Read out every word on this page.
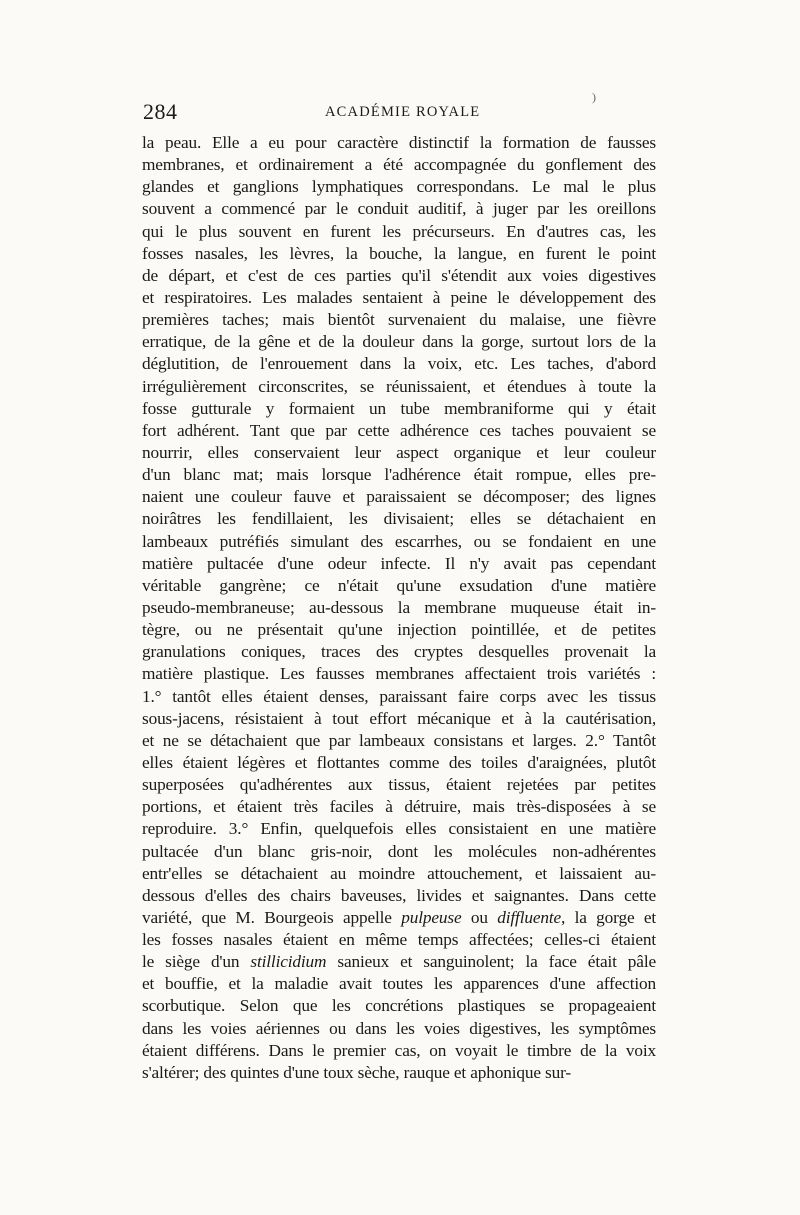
284	ACADÉMIE ROYALE
)
la peau. Elle a eu pour caractère distinctif la formation de fausses
membranes, et ordinairement a été accompagnée du gonflement des
glandes et ganglions lymphatiques correspondans. Le mal le plus
souvent a commencé par le conduit auditif, à juger par les oreillons
qui le plus souvent en furent les précurseurs. En d'autres cas, les
fosses nasales, les lèvres, la bouche, la langue, en furent le point
de départ, et c'est de ces parties qu'il s'étendit aux voies digestives
et respiratoires. Les malades sentaient à peine le développement des
premières taches; mais bientôt survenaient du malaise, une fièvre
erratique, de la gêne et de la douleur dans la gorge, surtout lors de la
déglutition, de l'enrouement dans la voix, etc. Les taches, d'abord
irrégulièrement circonscrites, se réunissaient, et étendues à toute la
fosse gutturale y formaient un tube membraniforme qui y était
fort adhérent. Tant que par cette adhérence ces taches pouvaient se
nourrir, elles conservaient leur aspect organique et leur couleur
d'un blanc mat; mais lorsque l'adhérence était rompue, elles pre-
naient une couleur fauve et paraissaient se décomposer; des lignes
noirâtres les fendillaient, les divisaient; elles se détachaient en
lambeaux putréfiés simulant des escarrhes, ou se fondaient en une
matière pultacée d'une odeur infecte. Il n'y avait pas cependant
véritable gangrène; ce n'était qu'une exsudation d'une matière
pseudo-membraneuse; au-dessous la membrane muqueuse était in-
tègre, ou ne présentait qu'une injection pointillée, et de petites
granulations coniques, traces des cryptes desquelles provenait la
matière plastique. Les fausses membranes affectaient trois variétés :
1.° tantôt elles étaient denses, paraissant faire corps avec les tissus
sous-jacens, résistaient à tout effort mécanique et à la cautérisation,
et ne se détachaient que par lambeaux consistans et larges. 2.° Tantôt
elles étaient légères et flottantes comme des toiles d'araignées, plutôt
superposées qu'adhérentes aux tissus, étaient rejetées par petites
portions, et étaient très faciles à détruire, mais très-disposées à se
reproduire. 3.° Enfin, quelquefois elles consistaient en une matière
pultacée d'un blanc gris-noir, dont les molécules non-adhérentes
entr'elles se détachaient au moindre attouchement, et laissaient au-
dessous d'elles des chairs baveuses, livides et saignantes. Dans cette
variété, que M. Bourgeois appelle pulpeuse ou diffluente, la gorge et
les fosses nasales étaient en même temps affectées; celles-ci étaient
le siège d'un stillicidium sanieux et sanguinolent; la face était pâle
et bouffie, et la maladie avait toutes les apparences d'une affection
scorbutique. Selon que les concrétions plastiques se propageaient
dans les voies aériennes ou dans les voies digestives, les symptômes
étaient différens. Dans le premier cas, on voyait le timbre de la voix
s'altérer; des quintes d'une toux sèche, rauque et aphonique sur-
